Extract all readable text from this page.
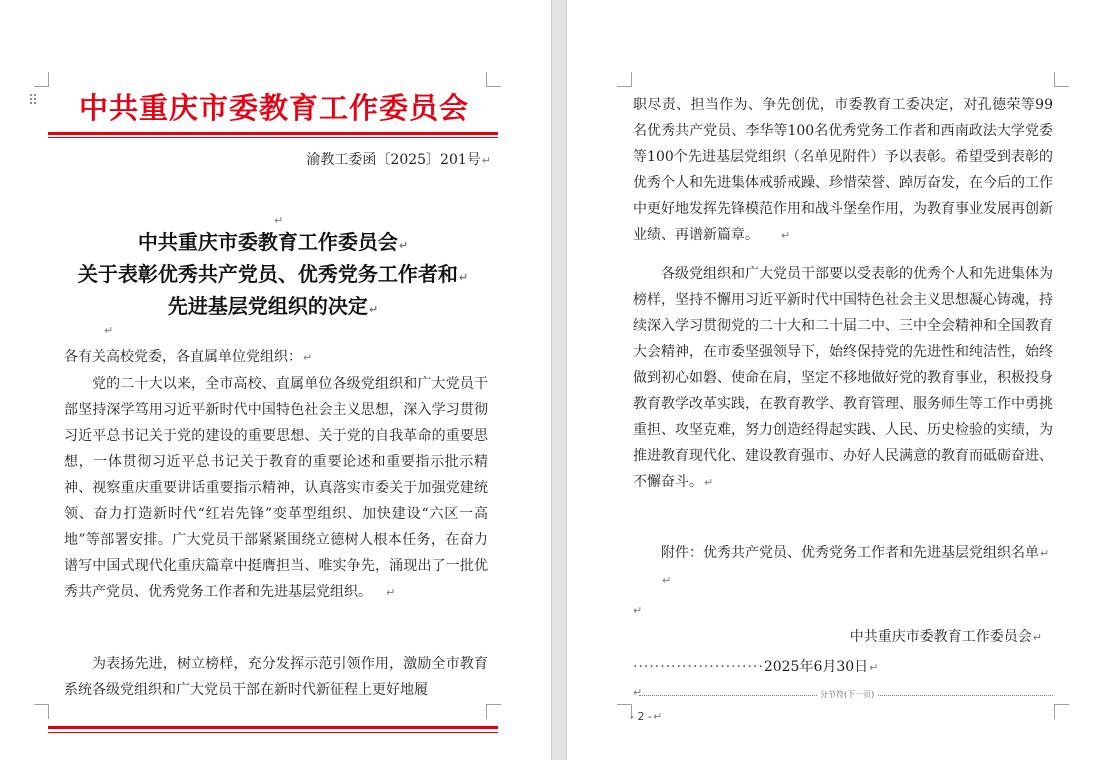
⠿	中共重庆市委教育工作委员会
渝教工委函〔2025〕201号↵
↵
中共重庆市委教育工作委员会↵
关于表彰优秀共产党员、优秀党务工作者和↵
先进基层党组织的决定↵
↵

各有关高校党委，各直属单位党组织：↵

党的二十大以来，全市高校、直属单位各级党组织和广大党员干部坚持深学笃用习近平新时代中国特色社会主义思想，深入学习贯彻习近平总书记关于党的建设的重要思想、关于党的自我革命的重要思想，一体贯彻习近平总书记关于教育的重要论述和重要指示批示精神、视察重庆重要讲话重要指示精神，认真落实市委关于加强党建统领、奋力打造新时代“红岩先锋”变革型组织、加快建设“六区一高地”等部署安排。广大党员干部紧紧围绕立德树人根本任务，在奋力谱写中国式现代化重庆篇章中挺膺担当、唯实争先，涌现出了一批优秀共产党员、优秀党务工作者和先进基层党组织。 ↵

为表扬先进，树立榜样，充分发挥示范引领作用，激励全市教育系统各级党组织和广大党员干部在新时代新征程上更好地履

职尽责、担当作为、争先创优，市委教育工委决定，对孔德荣等99名优秀共产党员、李华等100名优秀党务工作者和西南政法大学党委等100个先进基层党组织（名单见附件）予以表彰。希望受到表彰的优秀个人和先进集体戒骄戒躁、珍惜荣誉、踔厉奋发，在今后的工作中更好地发挥先锋模范作用和战斗堡垒作用，为教育事业发展再创新业绩、再谱新篇章。 ↵

各级党组织和广大党员干部要以受表彰的优秀个人和先进集体为榜样，坚持不懈用习近平新时代中国特色社会主义思想凝心铸魂，持续深入学习贯彻党的二十大和二十届二中、三中全会精神和全国教育大会精神，在市委坚强领导下，始终保持党的先进性和纯洁性，始终做到初心如磐、使命在肩，坚定不移地做好党的教育事业，积极投身教育教学改革实践，在教育教学、教育管理、服务师生等工作中勇挑重担、攻坚克难，努力创造经得起实践、人民、历史检验的实绩，为推进教育现代化、建设教育强市、办好人民满意的教育而砥砺奋进、不懈奋斗。↵

附件：优秀共产党员、优秀党务工作者和先进基层党组织名单↵

↵
↵
中共重庆市委教育工作委员会↵
························2025年6月30日↵
↵	分节符(下一页)
- 2 -↵
